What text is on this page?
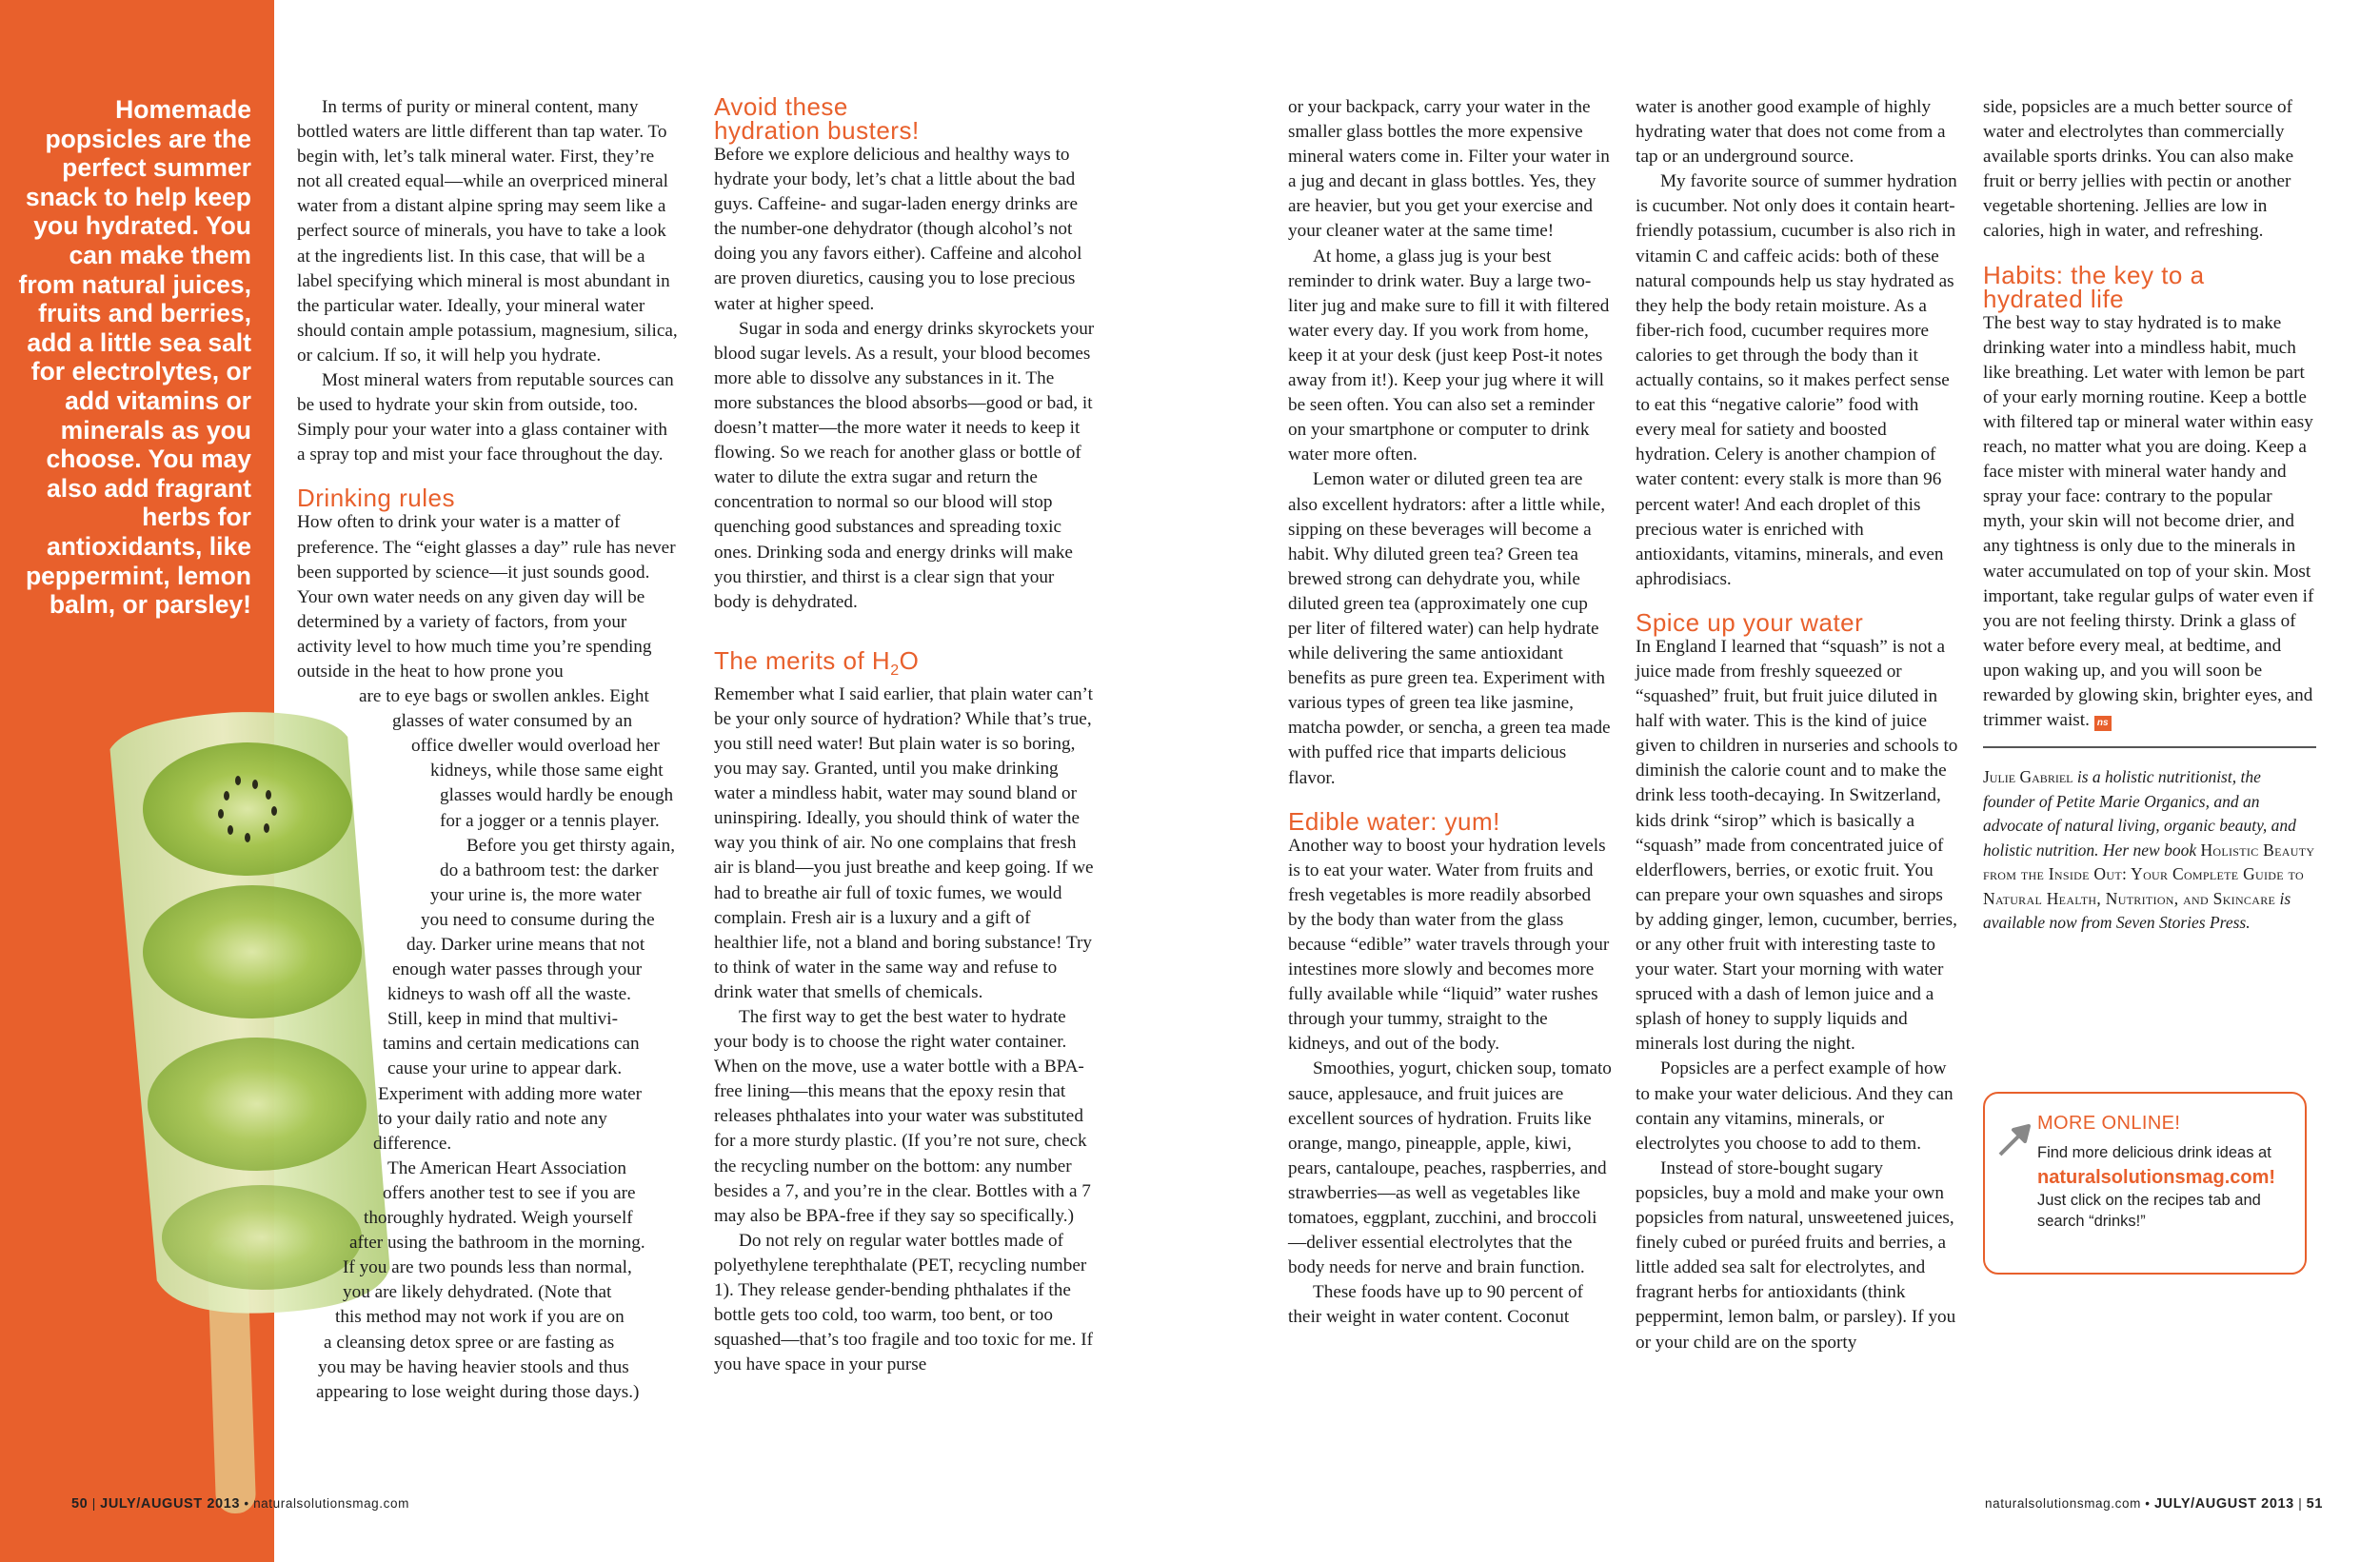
Homemade popsicles are the perfect summer snack to help keep you hydrated. You can make them from natural juices, fruits and berries, add a little sea salt for electrolytes, or add vitamins or minerals as you choose. You may also add fragrant herbs for antioxidants, like peppermint, lemon balm, or parsley!

In terms of purity or mineral content, many bottled waters are little different than tap water. To begin with, let’s talk mineral water. First, they’re not all created equal—while an overpriced mineral water from a distant alpine spring may seem like a perfect source of minerals, you have to take a look at the ingredients list. In this case, that will be a label specifying which mineral is most abundant in the particular water. Ideally, your mineral water should contain ample potassium, magnesium, silica, or calcium. If so, it will help you hydrate.

Most mineral waters from reputable sources can be used to hydrate your skin from outside, too. Simply pour your water into a glass container with a spray top and mist your face throughout the day.

Drinking rules

How often to drink your water is a matter of preference. The “eight glasses a day” rule has never been supported by science—it just sounds good. Your own water needs on any given day will be determined by a variety of factors, from your activity level to how much time you’re spending outside in the heat to how prone you

are to eye bags or swollen ankles. Eight
glasses of water consumed by an
office dweller would overload her
kidneys, while those same eight
glasses would hardly be enough
for a jogger or a tennis player.
Before you get thirsty again,
do a bathroom test: the darker
your urine is, the more water
you need to consume during the
day. Darker urine means that not
enough water passes through your
kidneys to wash off all the waste.
Still, keep in mind that multivi-
tamins and certain medications can
cause your urine to appear dark.
Experiment with adding more water
to your daily ratio and note any
difference.
The American Heart Association
offers another test to see if you are
thoroughly hydrated. Weigh yourself
after using the bathroom in the morning.
If you are two pounds less than normal,
you are likely dehydrated. (Note that
this method may not work if you are on
a cleansing detox spree or are fasting as
you may be having heavier stools and thus
appearing to lose weight during those days.)
Avoid these
hydration busters!

Before we explore delicious and healthy ways to hydrate your body, let’s chat a little about the bad guys. Caffeine- and sugar-laden energy drinks are the number-one dehydrator (though alcohol’s not doing you any favors either). Caffeine and alcohol are proven diuretics, causing you to lose precious water at higher speed.

Sugar in soda and energy drinks skyrockets your blood sugar levels. As a result, your blood becomes more able to dissolve any substances in it. The more substances the blood absorbs—good or bad, it doesn’t matter—the more water it needs to keep it flowing. So we reach for another glass or bottle of water to dilute the extra sugar and return the concentration to normal so our blood will stop quenching good substances and spreading toxic ones. Drinking soda and energy drinks will make you thirstier, and thirst is a clear sign that your body is dehydrated.

The merits of $H_2O$

Remember what I said earlier, that plain water can’t be your only source of hydration? While that’s true, you still need water! But plain water is so boring, you may say. Granted, until you make drinking water a mindless habit, water may sound bland or uninspiring. Ideally, you should think of water the way you think of air. No one complains that fresh air is bland—you just breathe and keep going. If we had to breathe air full of toxic fumes, we would complain. Fresh air is a luxury and a gift of healthier life, not a bland and boring substance! Try to think of water in the same way and refuse to drink water that smells of chemicals.

The first way to get the best water to hydrate your body is to choose the right water container. When on the move, use a water bottle with a BPA-free lining—this means that the epoxy resin that releases phthalates into your water was substituted for a more sturdy plastic. (If you’re not sure, check the recycling number on the bottom: any number besides a 7, and you’re in the clear. Bottles with a 7 may also be BPA-free if they say so specifically.)

Do not rely on regular water bottles made of polyethylene terephthalate (PET, recycling number 1). They release gender-bending phthalates if the bottle gets too cold, too warm, too bent, or too squashed—that’s too fragile and too toxic for me. If you have space in your purse

or your backpack, carry your water in the smaller glass bottles the more expensive mineral waters come in. Filter your water in a jug and decant in glass bottles. Yes, they are heavier, but you get your exercise and your cleaner water at the same time!

At home, a glass jug is your best reminder to drink water. Buy a large two-liter jug and make sure to fill it with filtered water every day. If you work from home, keep it at your desk (just keep Post-it notes away from it!). Keep your jug where it will be seen often. You can also set a reminder on your smartphone or computer to drink water more often.

Lemon water or diluted green tea are also excellent hydrators: after a little while, sipping on these beverages will become a habit. Why diluted green tea? Green tea brewed strong can dehydrate you, while diluted green tea (approximately one cup per liter of filtered water) can help hydrate while delivering the same antioxidant benefits as pure green tea. Experiment with various types of green tea like jasmine, matcha powder, or sencha, a green tea made with puffed rice that imparts delicious flavor.

Edible water: yum!

Another way to boost your hydration levels is to eat your water. Water from fruits and fresh vegetables is more readily absorbed by the body than water from the glass because “edible” water travels through your intestines more slowly and becomes more fully available while “liquid” water rushes through your tummy, straight to the kidneys, and out of the body.

Smoothies, yogurt, chicken soup, tomato sauce, applesauce, and fruit juices are excellent sources of hydration. Fruits like orange, mango, pineapple, apple, kiwi, pears, cantaloupe, peaches, raspberries, and strawberries—as well as vegetables like tomatoes, eggplant, zucchini, and broccoli—deliver essential electrolytes that the body needs for nerve and brain function.

These foods have up to 90 percent of their weight in water content. Coconut

water is another good example of highly hydrating water that does not come from a tap or an underground source.

My favorite source of summer hydration is cucumber. Not only does it contain heart-friendly potassium, cucumber is also rich in vitamin C and caffeic acids: both of these natural compounds help us stay hydrated as they help the body retain moisture. As a fiber-rich food, cucumber requires more calories to get through the body than it actually contains, so it makes perfect sense to eat this “negative calorie” food with every meal for satiety and boosted hydration. Celery is another champion of water content: every stalk is more than 96 percent water! And each droplet of this precious water is enriched with antioxidants, vitamins, minerals, and even aphrodisiacs.

Spice up your water

In England I learned that “squash” is not a juice made from freshly squeezed or “squashed” fruit, but fruit juice diluted in half with water. This is the kind of juice given to children in nurseries and schools to diminish the calorie count and to make the drink less tooth-decaying. In Switzerland, kids drink “sirop” which is basically a “squash” made from concentrated juice of elderflowers, berries, or exotic fruit. You can prepare your own squashes and sirops by adding ginger, lemon, cucumber, berries, or any other fruit with interesting taste to your water. Start your morning with water spruced with a dash of lemon juice and a splash of honey to supply liquids and minerals lost during the night.

Popsicles are a perfect example of how to make your water delicious. And they can contain any vitamins, minerals, or electrolytes you choose to add to them.

Instead of store-bought sugary popsicles, buy a mold and make your own popsicles from natural, unsweetened juices, finely cubed or puréed fruits and berries, a little added sea salt for electrolytes, and fragrant herbs for antioxidants (think peppermint, lemon balm, or parsley). If you or your child are on the sporty

side, popsicles are a much better source of water and electrolytes than commercially available sports drinks. You can also make fruit or berry jellies with pectin or another vegetable shortening. Jellies are low in calories, high in water, and refreshing.

Habits: the key to a
hydrated life

The best way to stay hydrated is to make drinking water into a mindless habit, much like breathing. Let water with lemon be part of your early morning routine. Keep a bottle with filtered tap or mineral water within easy reach, no matter what you are doing. Keep a face mister with mineral water handy and spray your face: contrary to the popular myth, your skin will not become drier, and any tightness is only due to the minerals in water accumulated on top of your skin. Most important, take regular gulps of water even if you are not feeling thirsty. Drink a glass of water before every meal, at bedtime, and upon waking up, and you will soon be rewarded by glowing skin, brighter eyes, and trimmer waist. ns

Julie Gabriel is a holistic nutritionist, the founder of Petite Marie Organics, and an advocate of natural living, organic beauty, and holistic nutrition. Her new book Holistic Beauty from the Inside Out: Your Complete Guide to Natural Health, Nutrition, and Skincare is available now from Seven Stories Press.

MORE ONLINE!
Find more delicious drink ideas at
naturalsolutionsmag.com!
Just click on the recipes tab and search “drinks!”
50 | JULY/AUGUST 2013 • naturalsolutionsmag.com	naturalsolutionsmag.com • JULY/AUGUST 2013 | 51
